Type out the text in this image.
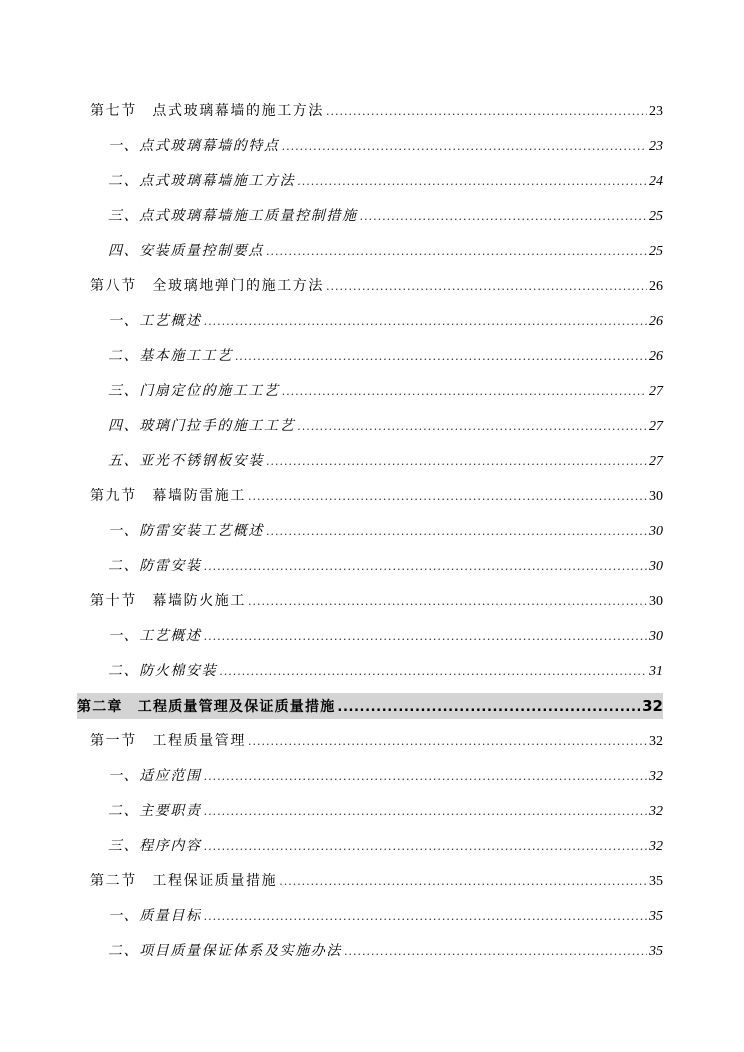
第七节　点式玻璃幕墙的施工方法 .....	23
一、点式玻璃幕墙的特点 .....	23
二、点式玻璃幕墙施工方法 .....	24
三、点式玻璃幕墙施工质量控制措施 .....	25
四、安装质量控制要点 .....	25
第八节　全玻璃地弹门的施工方法 .....	26
一、工艺概述 .....	26
二、基本施工工艺 .....	26
三、门扇定位的施工工艺 .....	27
四、玻璃门拉手的施工工艺 .....	27
五、亚光不锈钢板安装 .....	27
第九节　幕墙防雷施工 .....	30
一、防雷安装工艺概述 .....	30
二、防雷安装 .....	30
第十节　幕墙防火施工 .....	30
一、工艺概述 .....	30
二、防火棉安装 .....	31
第二章　工程质量管理及保证质量措施 .....	32
第一节　工程质量管理 .....	32
一、适应范围 .....	32
二、主要职责 .....	32
三、程序内容 .....	32
第二节　工程保证质量措施 .....	35
一、质量目标 .....	35
二、项目质量保证体系及实施办法 .....	35
